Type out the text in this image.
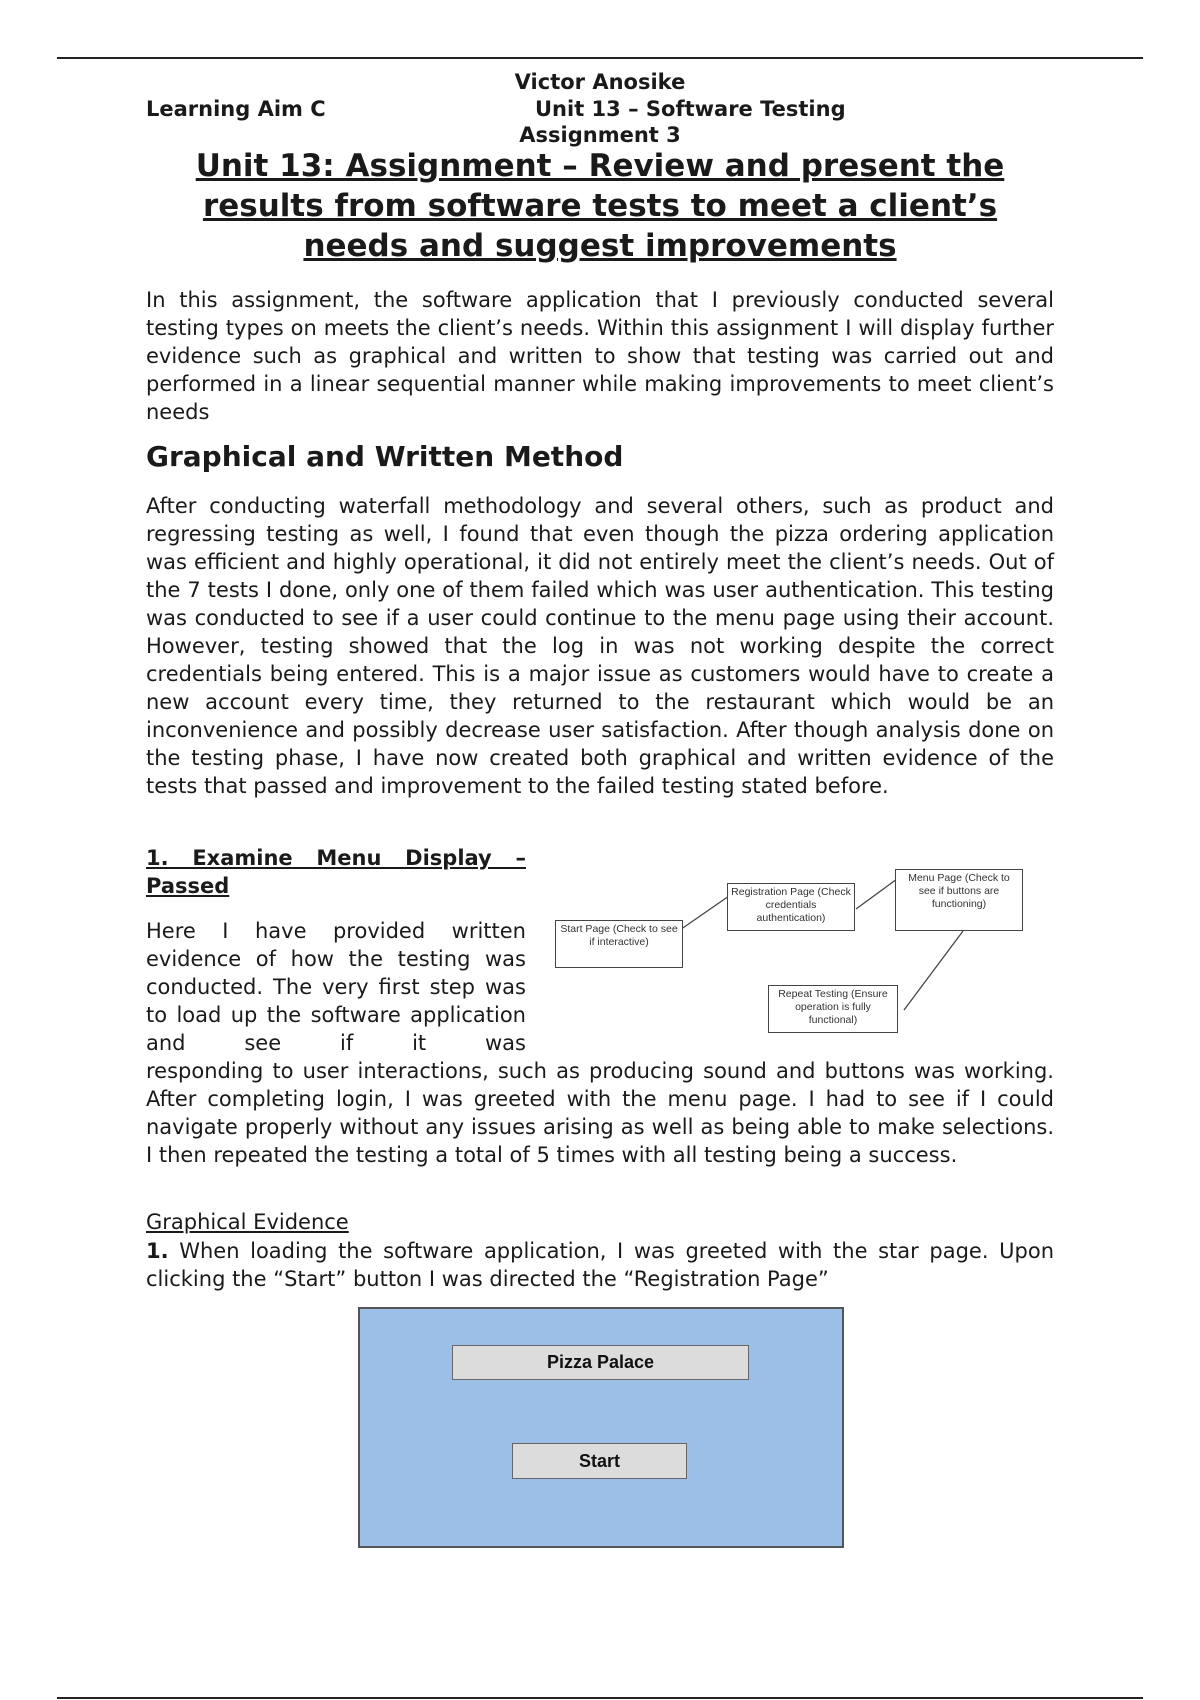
Victor Anosike
Learning Aim C	Unit 13 – Software Testing
Assignment 3
Unit 13: Assignment – Review and present the results from software tests to meet a client’s needs and suggest improvements

In this assignment, the software application that I previously conducted several testing types on meets the client’s needs. Within this assignment I will display further evidence such as graphical and written to show that testing was carried out and performed in a linear sequential manner while making improvements to meet client’s needs

Graphical and Written Method

After conducting waterfall methodology and several others, such as product and regressing testing as well, I found that even though the pizza ordering application was efficient and highly operational, it did not entirely meet the client’s needs. Out of the 7 tests I done, only one of them failed which was user authentication. This testing was conducted to see if a user could continue to the menu page using their account. However, testing showed that the log in was not working despite the correct credentials being entered. This is a major issue as customers would have to create a new account every time, they returned to the restaurant which would be an inconvenience and possibly decrease user satisfaction. After though analysis done on the testing phase, I have now created both graphical and written evidence of the tests that passed and improvement to the failed testing stated before.

1. Examine Menu Display –
Passed

Here I have provided written evidence of how the testing was conducted. The very first step was to load up the software application and see if it was

Start Page (Check to see if interactive)
Registration Page (Check credentials authentication)
Menu Page (Check to see if buttons are functioning)
Repeat Testing (Ensure operation is fully functional)

responding to user interactions, such as producing sound and buttons was working. After completing login, I was greeted with the menu page. I had to see if I could navigate properly without any issues arising as well as being able to make selections. I then repeated the testing a total of 5 times with all testing being a success.

Graphical Evidence

1. When loading the software application, I was greeted with the star page. Upon clicking the “Start” button I was directed the “Registration Page”

Pizza Palace
Start
